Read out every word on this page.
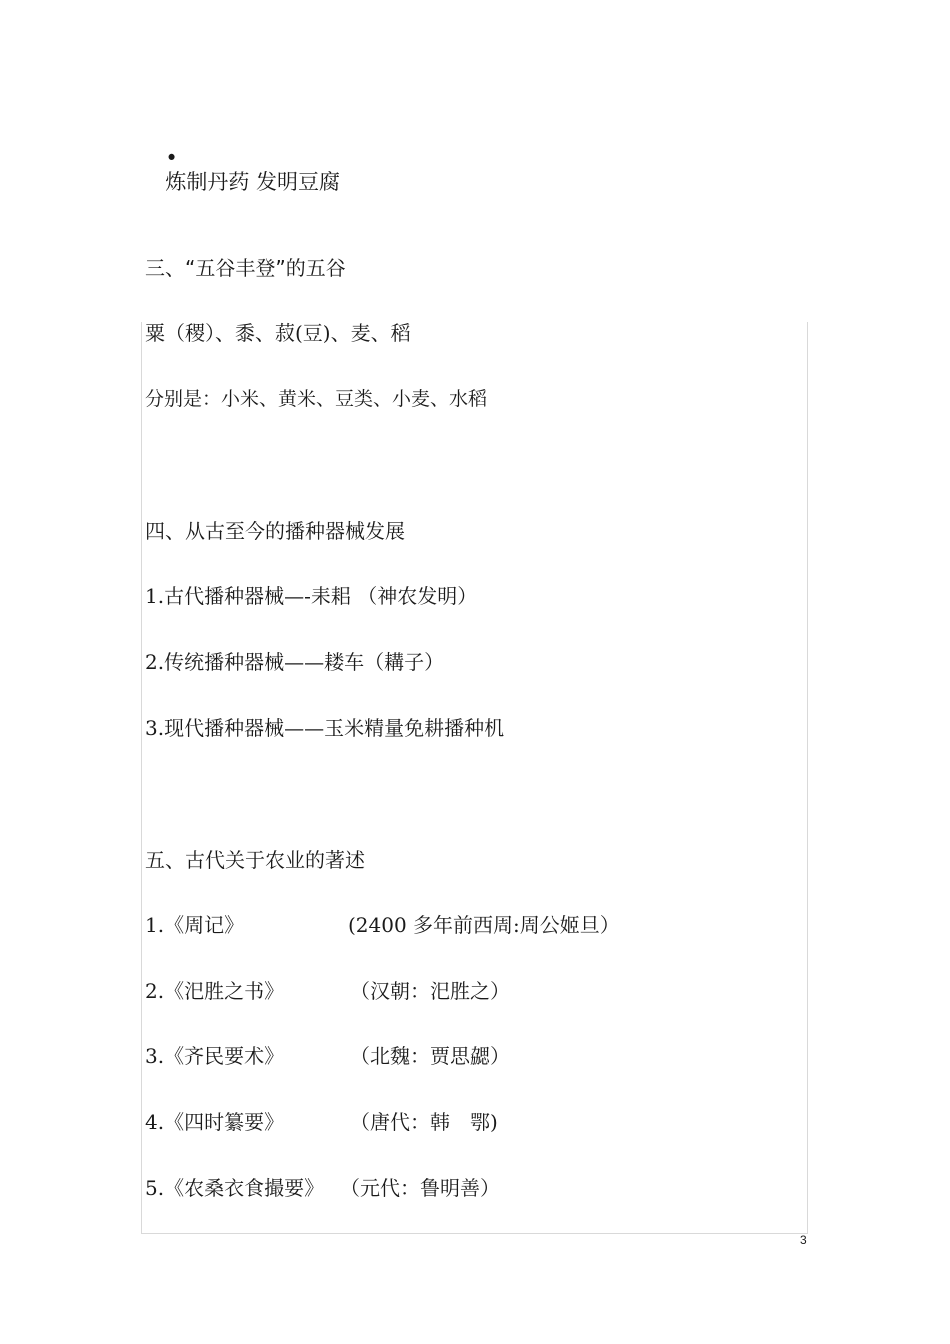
•
炼制丹药 发明豆腐

三、“五谷丰登”的五谷
粟（稷）、黍、菽(豆)、麦、稻
分别是：小米、黄米、豆类、小麦、水稻
四、从古至今的播种器械发展
1.古代播种器械—-耒耜 （神农发明）
2.传统播种器械——耧车（耩子）
3.现代播种器械——玉米精量免耕播种机
五、古代关于农业的著述

1.《周记》

	(2400 多年前西周:周公姬旦）

2.《汜胜之书》

	（汉朝：汜胜之）

3.《齐民要术》

	（北魏：贾思勰）

4.《四时纂要》

	（唐代：韩　鄂)

5.《农桑衣食撮要》

（元代：鲁明善）

3
